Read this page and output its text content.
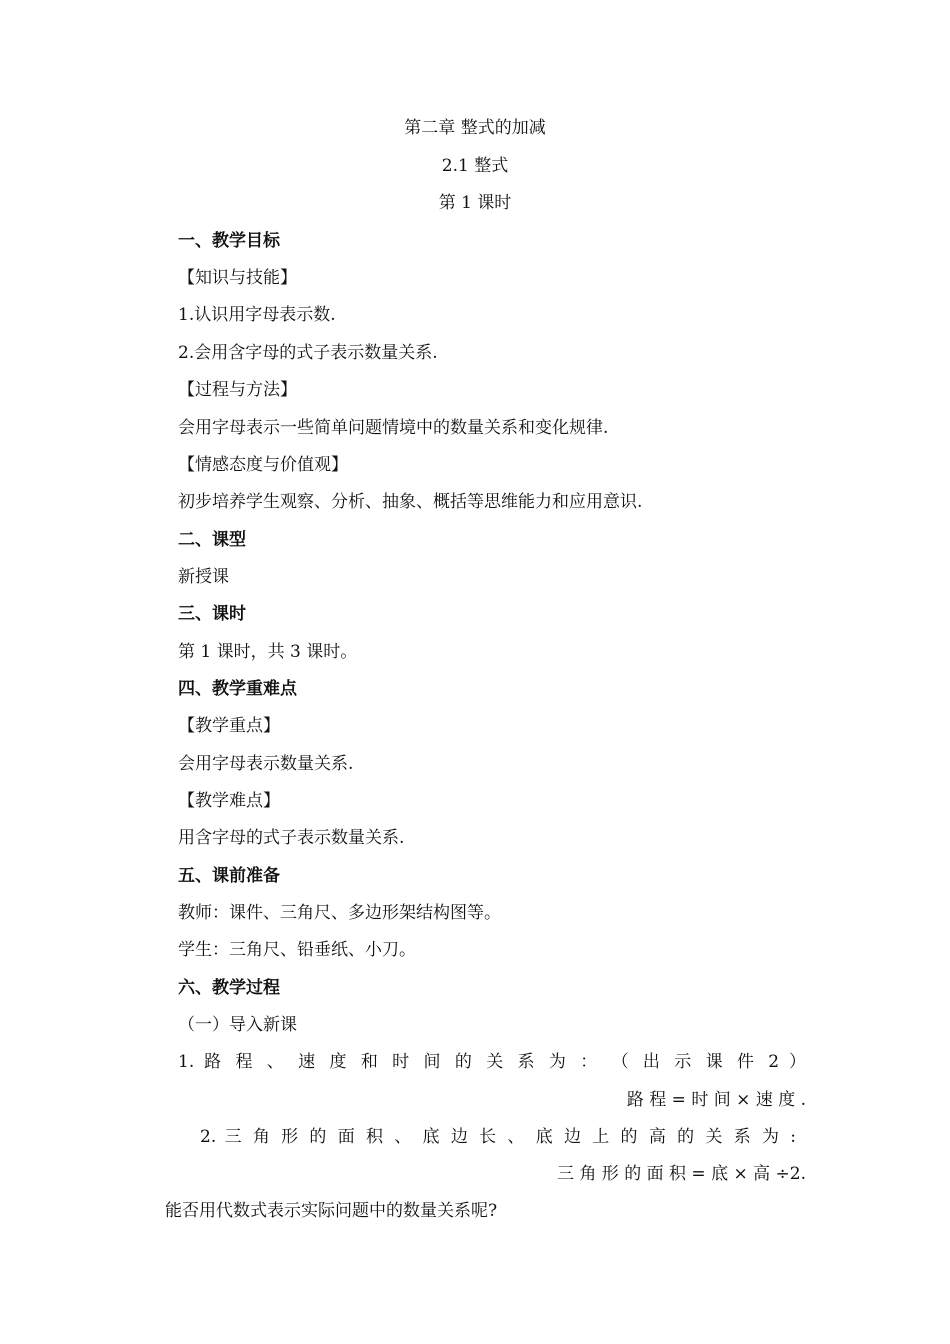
第二章 整式的加减
2.1 整式
第 1 课时
一、教学目标
【知识与技能】
1.认识用字母表示数.
2.会用含字母的式子表示数量关系.
【过程与方法】
会用字母表示一些简单问题情境中的数量关系和变化规律.
【情感态度与价值观】
初步培养学生观察、分析、抽象、概括等思维能力和应用意识.
二、课型
新授课
三、课时
第 1 课时，共 3 课时。
四、教学重难点
【教学重点】
会用字母表示数量关系.
【教学难点】
用含字母的式子表示数量关系.
五、课前准备
教师：课件、三角尺、多边形架结构图等。
学生：三角尺、铅垂纸、小刀。
六、教学过程
（一）导入新课
1. 路 程 、 速 度 和 时 间 的 关 系 为 ： （ 出 示 课 件 2 ）
路 程 = 时 间 × 速 度 .
2. 三 角 形 的 面 积 、 底 边 长 、 底 边 上 的 高 的 关 系 为 :
三 角 形 的 面 积 = 底 × 高 ÷2.
能否用代数式表示实际问题中的数量关系呢?
